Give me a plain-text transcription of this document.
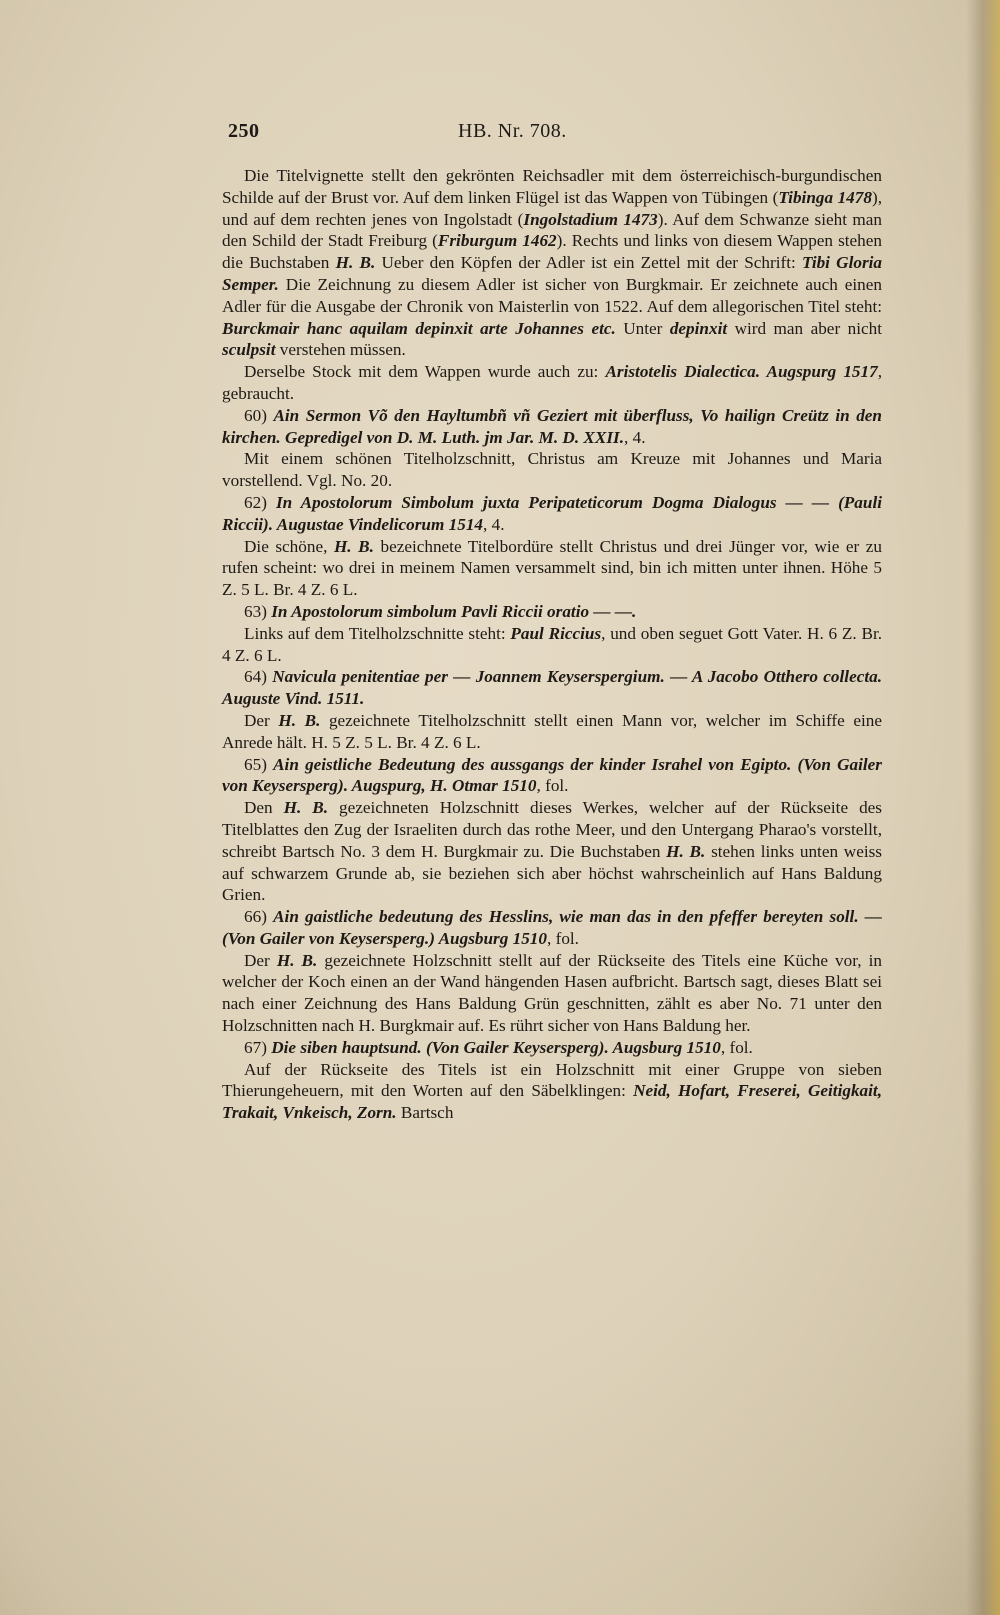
250	HB. Nr. 708.

Die Titelvignette stellt den gekrönten Reichsadler mit dem österreichisch-burgundischen Schilde auf der Brust vor. Auf dem linken Flügel ist das Wappen von Tübingen (Tibinga 1478), und auf dem rechten jenes von Ingolstadt (Ingolstadium 1473). Auf dem Schwanze sieht man den Schild der Stadt Freiburg (Friburgum 1462). Rechts und links von diesem Wappen stehen die Buchstaben H. B. Ueber den Köpfen der Adler ist ein Zettel mit der Schrift: Tibi Gloria Semper. Die Zeichnung zu diesem Adler ist sicher von Burgkmair. Er zeichnete auch einen Adler für die Ausgabe der Chronik von Maisterlin von 1522. Auf dem allegorischen Titel steht: Burckmair hanc aquilam depinxit arte Johannes etc. Unter depinxit wird man aber nicht sculpsit verstehen müssen.

Derselbe Stock mit dem Wappen wurde auch zu: Aristotelis Dialectica. Augspurg 1517, gebraucht.

60) Ain Sermon Võ den Hayltumbñ vñ Geziert mit überfluss, Vo hailign Creütz in den kirchen. Gepredigel von D. M. Luth. jm Jar. M. D. XXII., 4.

Mit einem schönen Titelholzschnitt, Christus am Kreuze mit Johannes und Maria vorstellend. Vgl. No. 20.

62) In Apostolorum Simbolum juxta Peripateticorum Dogma Dialogus — — (Pauli Riccii). Augustae Vindelicorum 1514, 4.

Die schöne, H. B. bezeichnete Titelbordüre stellt Christus und drei Jünger vor, wie er zu rufen scheint: wo drei in meinem Namen versammelt sind, bin ich mitten unter ihnen. Höhe 5 Z. 5 L. Br. 4 Z. 6 L.

63) In Apostolorum simbolum Pavli Riccii oratio — —.

Links auf dem Titelholzschnitte steht: Paul Riccius, und oben seguet Gott Vater. H. 6 Z. Br. 4 Z. 6 L.

64) Navicula penitentiae per — Joannem Keyserspergium. — A Jacobo Otthero collecta. Auguste Vind. 1511.

Der H. B. gezeichnete Titelholzschnitt stellt einen Mann vor, welcher im Schiffe eine Anrede hält. H. 5 Z. 5 L. Br. 4 Z. 6 L.

65) Ain geistliche Bedeutung des aussgangs der kinder Israhel von Egipto. (Von Gailer von Keysersperg). Augspurg, H. Otmar 1510, fol.

Den H. B. gezeichneten Holzschnitt dieses Werkes, welcher auf der Rückseite des Titelblattes den Zug der Israeliten durch das rothe Meer, und den Untergang Pharao's vorstellt, schreibt Bartsch No. 3 dem H. Burgkmair zu. Die Buchstaben H. B. stehen links unten weiss auf schwarzem Grunde ab, sie beziehen sich aber höchst wahrscheinlich auf Hans Baldung Grien.

66) Ain gaistliche bedeutung des Hesslins, wie man das in den pfeffer bereyten soll. — (Von Gailer von Keysersperg.) Augsburg 1510, fol.

Der H. B. gezeichnete Holzschnitt stellt auf der Rückseite des Titels eine Küche vor, in welcher der Koch einen an der Wand hängenden Hasen aufbricht. Bartsch sagt, dieses Blatt sei nach einer Zeichnung des Hans Baldung Grün geschnitten, zählt es aber No. 71 unter den Holzschnitten nach H. Burgkmair auf. Es rührt sicher von Hans Baldung her.

67) Die siben hauptsund. (Von Gailer Keysersperg). Augsburg 1510, fol.

Auf der Rückseite des Titels ist ein Holzschnitt mit einer Gruppe von sieben Thierungeheuern, mit den Worten auf den Säbelklingen: Neid, Hofart, Freserei, Geitigkait, Trakait, Vnkeisch, Zorn. Bartsch
